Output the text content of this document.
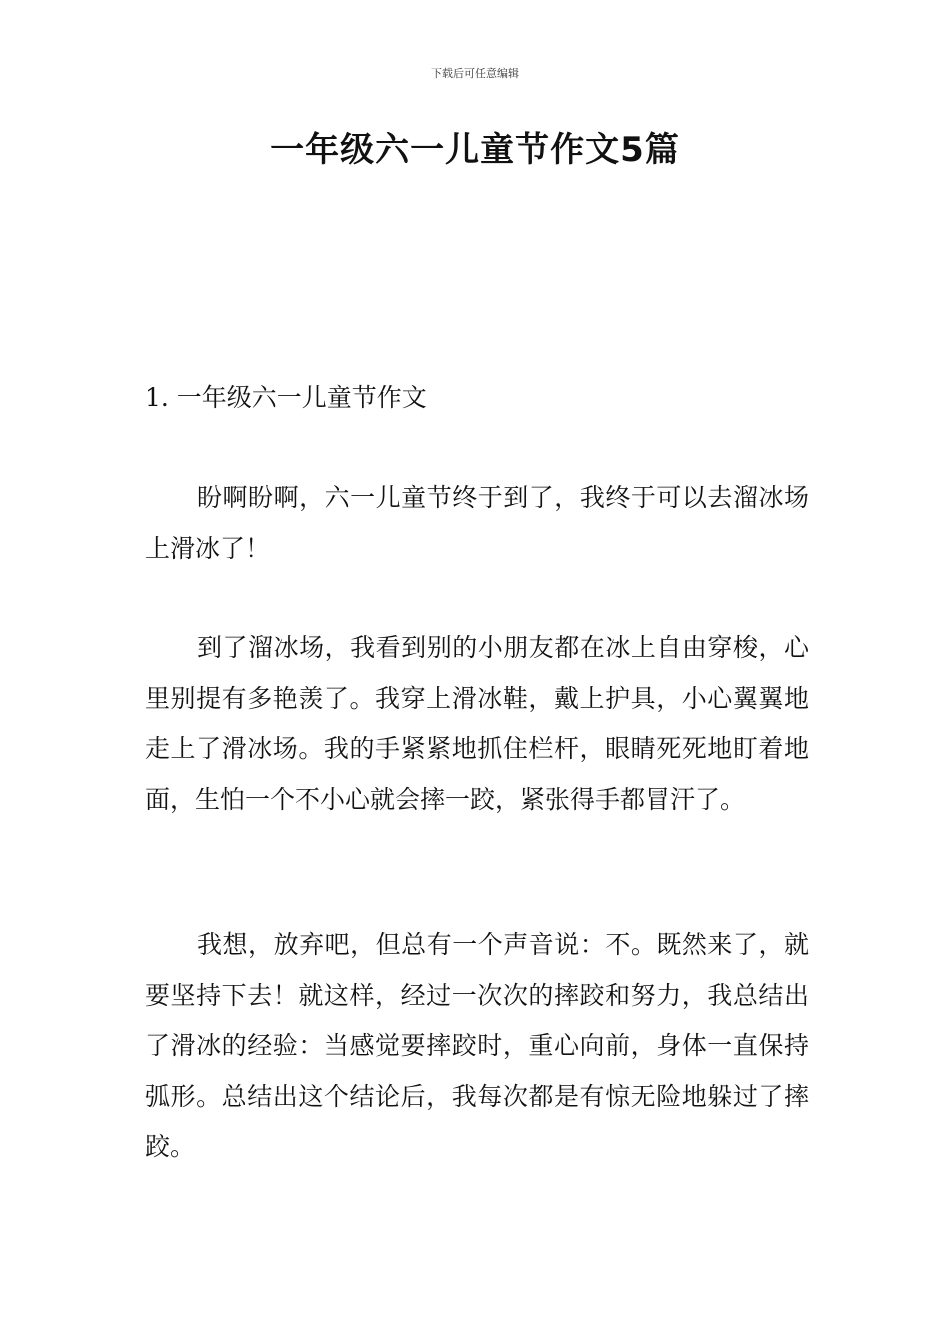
下载后可任意编辑
一年级六一儿童节作文5篇
1. 一年级六一儿童节作文

盼啊盼啊，六一儿童节终于到了，我终于可以去溜冰场上滑冰了！

到了溜冰场，我看到别的小朋友都在冰上自由穿梭，心里别提有多艳羡了。我穿上滑冰鞋，戴上护具，小心翼翼地走上了滑冰场。我的手紧紧地抓住栏杆，眼睛死死地盯着地面，生怕一个不小心就会摔一跤，紧张得手都冒汗了。

我想，放弃吧，但总有一个声音说：不。既然来了，就要坚持下去！就这样，经过一次次的摔跤和努力，我总结出了滑冰的经验：当感觉要摔跤时，重心向前，身体一直保持弧形。总结出这个结论后，我每次都是有惊无险地躲过了摔跤。
